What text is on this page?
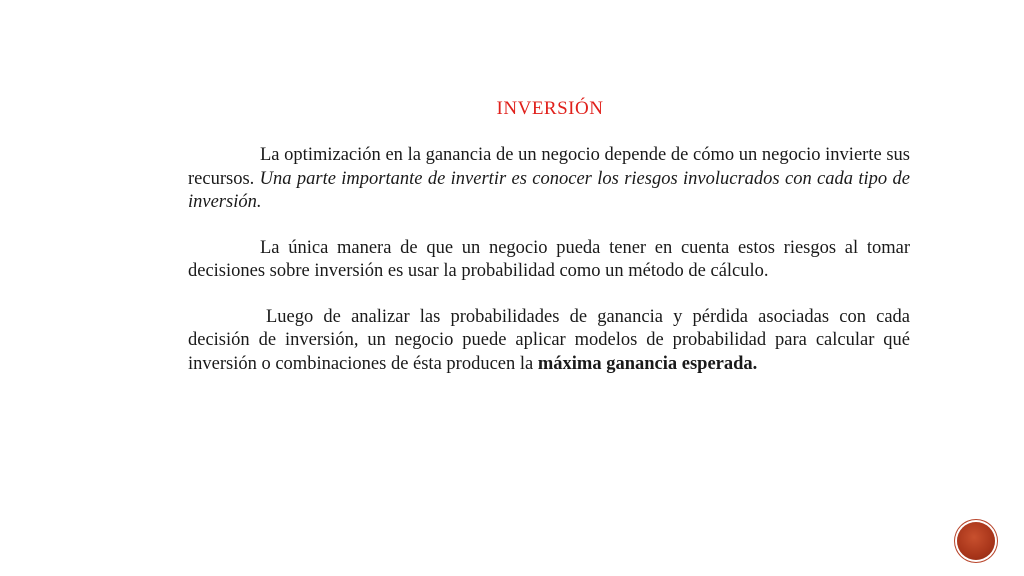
INVERSIÓN

La optimización en la ganancia de un negocio depende de cómo un negocio invierte sus recursos. Una parte importante de invertir es conocer los riesgos involucrados con cada tipo de inversión.

La única manera de que un negocio pueda tener en cuenta estos riesgos al tomar decisiones sobre inversión es usar la probabilidad como un método de cálculo.

Luego de analizar las probabilidades de ganancia y pérdida asociadas con cada decisión de inversión, un negocio puede aplicar modelos de probabilidad para calcular qué inversión o combinaciones de ésta producen la máxima ganancia esperada.
